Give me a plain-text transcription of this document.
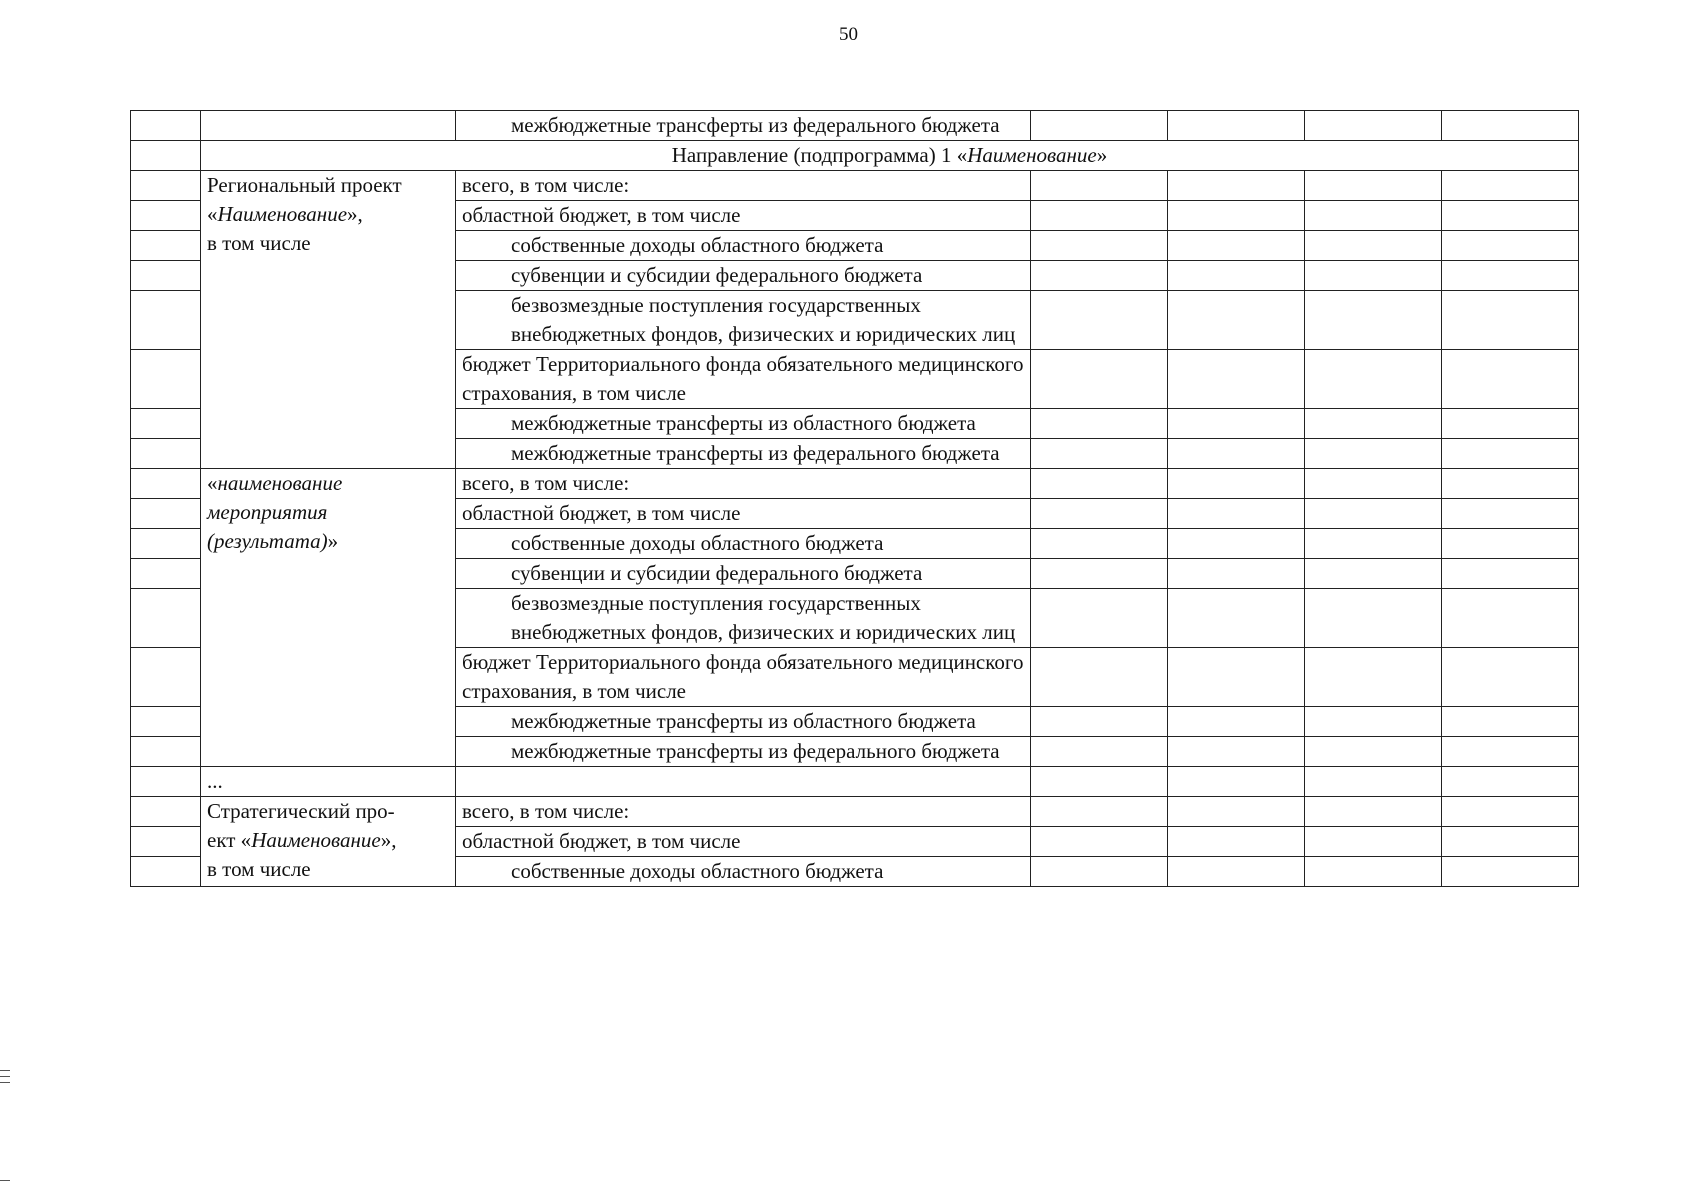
50
		межбюджетные трансферты из федерального бюджета				
	Направление (подпрограмма) 1 «Наименование»					

	Региональный проект
«Наименование»,
в том числе	всего, в том числе:				
		областной бюджет, в том числе				
		собственные доходы областного бюджета				
		субвенции и субсидии федерального бюджета				
		безвозмездные поступления государственных внебюджетных фондов, физических и юридических лиц				
		бюджет Территориального фонда обязательного медицинского страхования, в том числе				
		межбюджетные трансферты из областного бюджета				
		межбюджетные трансферты из федерального бюджета				

	«наименование
мероприятия
(результата)»	всего, в том числе:				
		областной бюджет, в том числе				
		собственные доходы областного бюджета				
		субвенции и субсидии федерального бюджета				
		безвозмездные поступления государственных внебюджетных фондов, физических и юридических лиц				
		бюджет Территориального фонда обязательного медицинского страхования, в том числе				
		межбюджетные трансферты из областного бюджета				
		межбюджетные трансферты из федерального бюджета				

	...					

	Стратегический про-
ект «Наименование»,
в том числе	всего, в том числе:				
		областной бюджет, в том числе				
		собственные доходы областного бюджета				
